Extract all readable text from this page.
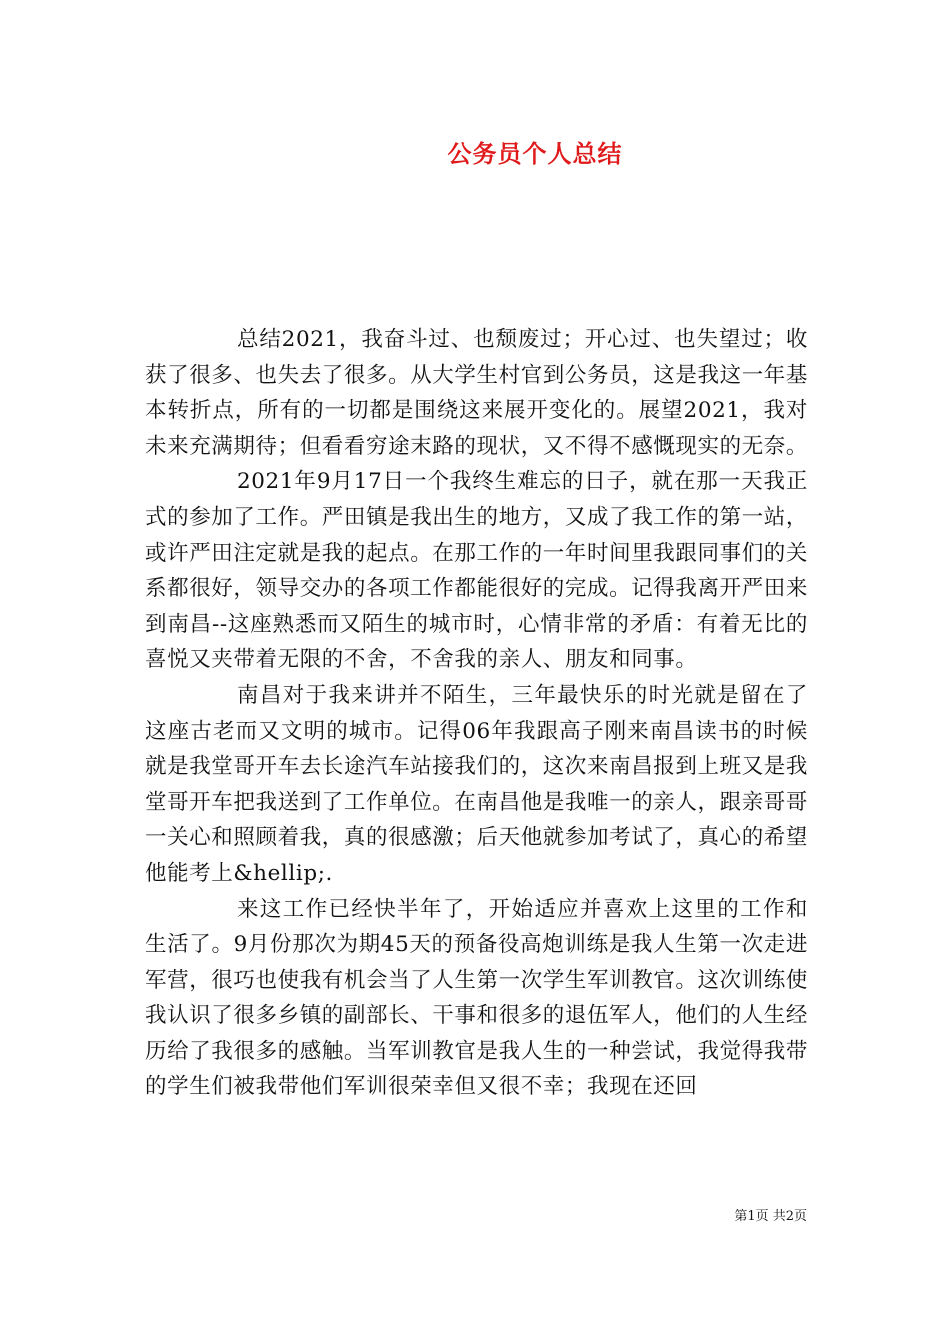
公务员个人总结

总结2021，我奋斗过、也颓废过；开心过、也失望过；收获了很多、也失去了很多。从大学生村官到公务员，这是我这一年基本转折点，所有的一切都是围绕这来展开变化的。展望2021，我对未来充满期待；但看看穷途末路的现状，又不得不感慨现实的无奈。

2021年9月17日一个我终生难忘的日子，就在那一天我正式的参加了工作。严田镇是我出生的地方，又成了我工作的第一站，或许严田注定就是我的起点。在那工作的一年时间里我跟同事们的关系都很好，领导交办的各项工作都能很好的完成。记得我离开严田来到南昌--这座熟悉而又陌生的城市时，心情非常的矛盾：有着无比的喜悦又夹带着无限的不舍，不舍我的亲人、朋友和同事。

南昌对于我来讲并不陌生，三年最快乐的时光就是留在了这座古老而又文明的城市。记得06年我跟高子刚来南昌读书的时候就是我堂哥开车去长途汽车站接我们的，这次来南昌报到上班又是我堂哥开车把我送到了工作单位。在南昌他是我唯一的亲人，跟亲哥哥一关心和照顾着我，真的很感激；后天他就参加考试了，真心的希望他能考上&hellip;.

来这工作已经快半年了，开始适应并喜欢上这里的工作和生活了。9月份那次为期45天的预备役高炮训练是我人生第一次走进军营，很巧也使我有机会当了人生第一次学生军训教官。这次训练使我认识了很多乡镇的副部长、干事和很多的退伍军人，他们的人生经历给了我很多的感触。当军训教官是我人生的一种尝试，我觉得我带的学生们被我带他们军训很荣幸但又很不幸；我现在还回

第1页 共2页
